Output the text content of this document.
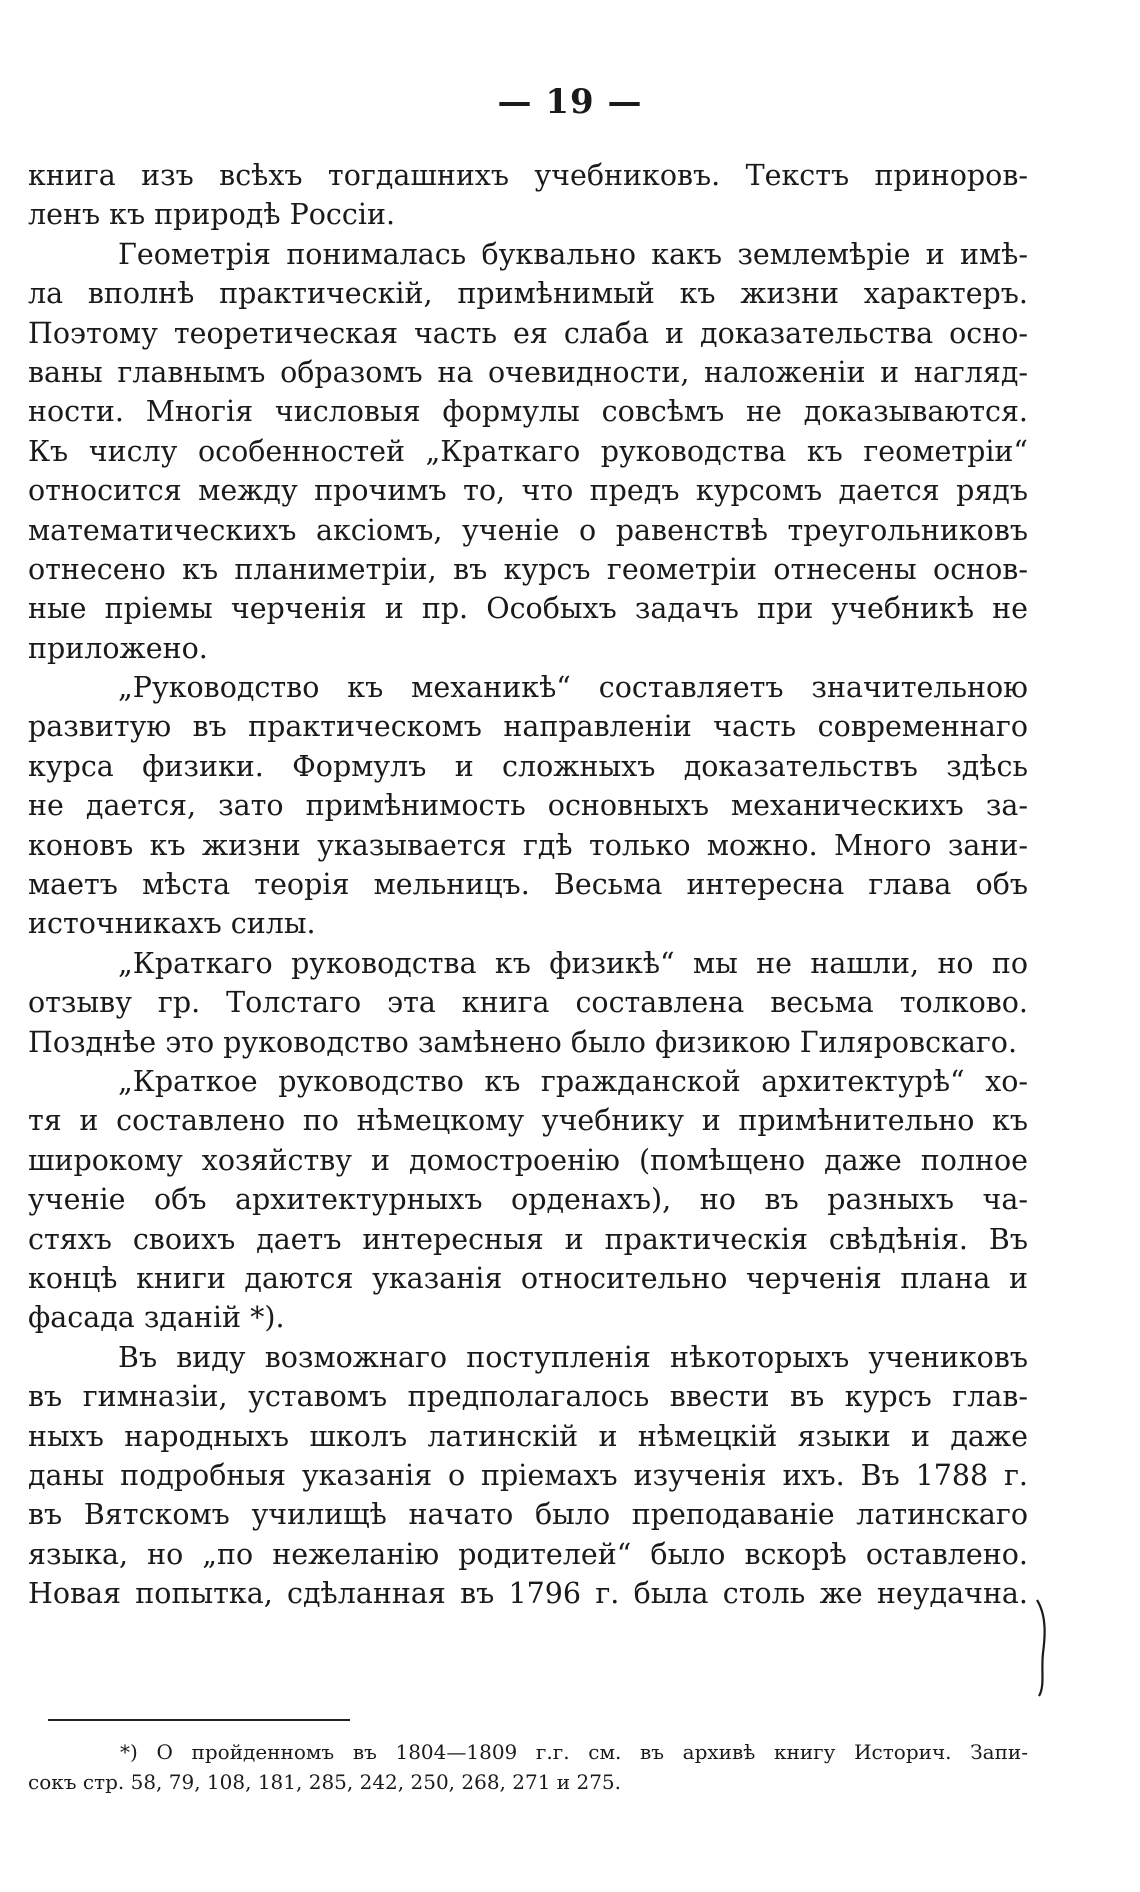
— 19 —
книга изъ всѣхъ тогдашнихъ учебниковъ. Текстъ приноров-
ленъ къ природѣ Россіи.
Геометрія понималась буквально какъ землемѣріе и имѣ-
ла вполнѣ практическій, примѣнимый къ жизни характеръ.
Поэтому теоретическая часть ея слаба и доказательства осно-
ваны главнымъ образомъ на очевидности, наложеніи и нагляд-
ности. Многія числовыя формулы совсѣмъ не доказываются.
Къ числу особенностей „Краткаго руководства къ геометріи“
относится между прочимъ то, что предъ курсомъ дается рядъ
математическихъ аксіомъ, ученіе о равенствѣ треугольниковъ
отнесено къ планиметріи, въ курсъ геометріи отнесены основ-
ные пріемы черченія и пр. Особыхъ задачъ при учебникѣ не
приложено.
„Руководство къ механикѣ“ составляетъ значительною
развитую въ практическомъ направленіи часть современнаго
курса физики. Формулъ и сложныхъ доказательствъ здѣсь
не дается, зато примѣнимость основныхъ механическихъ за-
коновъ къ жизни указывается гдѣ только можно. Много зани-
маетъ мѣста теорія мельницъ. Весьма интересна глава объ
источникахъ силы.
„Краткаго руководства къ физикѣ“ мы не нашли, но по
отзыву гр. Толстаго эта книга составлена весьма толково.
Позднѣе это руководство замѣнено было физикою Гиляровскаго.
„Краткое руководство къ гражданской архитектурѣ“ хо-
тя и составлено по нѣмецкому учебнику и примѣнительно къ
широкому хозяйству и домостроенію (помѣщено даже полное
ученіе объ архитектурныхъ орденахъ), но въ разныхъ ча-
стяхъ своихъ даетъ интересныя и практическія свѣдѣнія. Въ
концѣ книги даются указанія относительно черченія плана и
фасада зданій *).
Въ виду возможнаго поступленія нѣкоторыхъ учениковъ
въ гимназіи, уставомъ предполагалось ввести въ курсъ глав-
ныхъ народныхъ школъ латинскій и нѣмецкій языки и даже
даны подробныя указанія о пріемахъ изученія ихъ. Въ 1788 г.
въ Вятскомъ училищѣ начато было преподаваніе латинскаго
языка, но „по нежеланію родителей“ было вскорѣ оставлено.
Новая попытка, сдѣланная въ 1796 г. была столь же неудачна.
*) О пройденномъ въ 1804—1809 г.г. см. въ архивѣ книгу Историч. Запи-
сокъ стр. 58, 79, 108, 181, 285, 242, 250, 268, 271 и 275.
